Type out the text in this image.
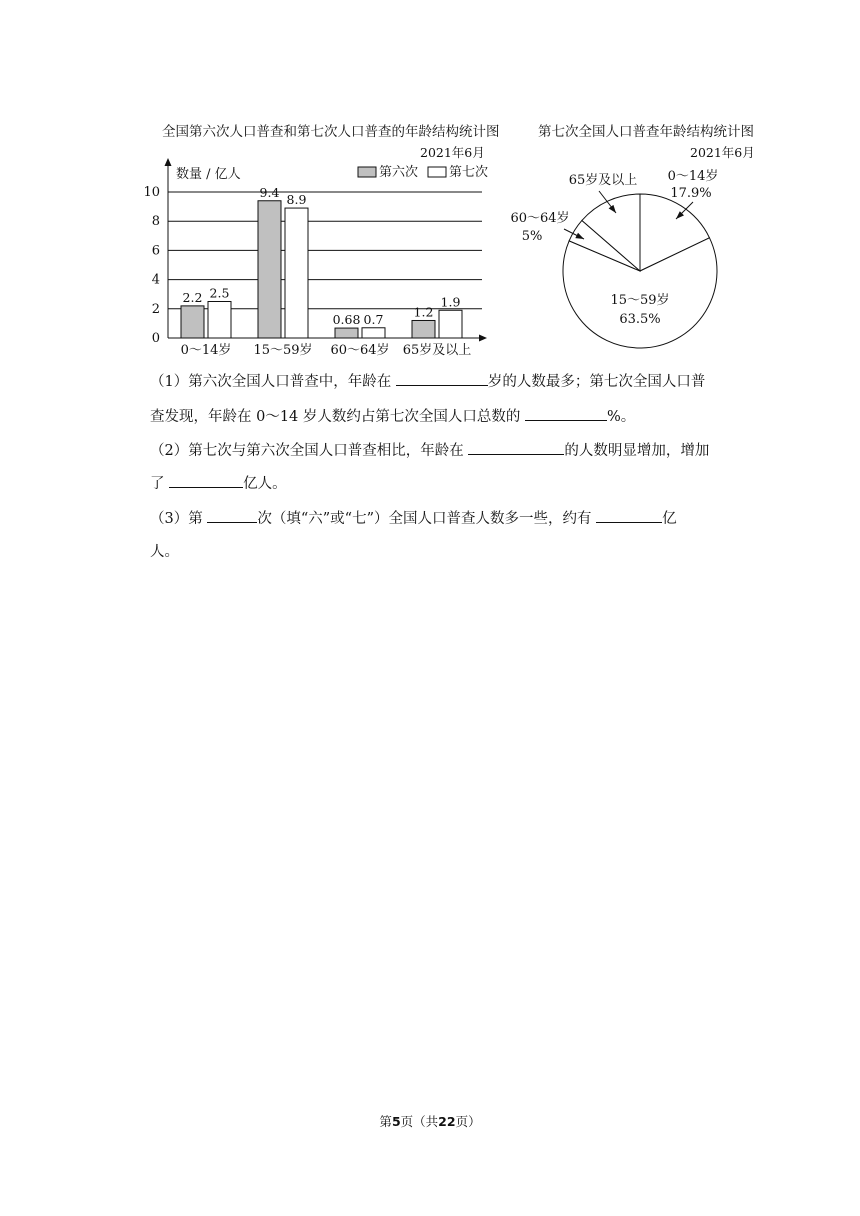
全国第六次人口普查和第七次人口普查的年龄结构统计图
2021年6月
第七次全国人口普查年龄结构统计图
2021年6月
0
2
4
6
8
10
2.2 2.5
9.4 8.9
0.68 0.7 1.2
1.9
0～14岁 15～59岁 60～64岁 65岁及以上
数量 / 亿人	第六次 第七次
65岁及以上 0～14岁
17.9%
60～64岁
5%
15～59岁
63.5%
（1）第六次全国人口普查中，年龄在	岁的人数最多；第七次全国人口普
查发现，年龄在 0～14 岁人数约占第七次全国人口总数的	%。
（2）第七次与第六次全国人口普查相比，年龄在	的人数明显增加，增加
了	亿人。
（3）第	次（填“六”或“七”）全国人口普查人数多一些，约有	亿
人。
第5页（共22页）
